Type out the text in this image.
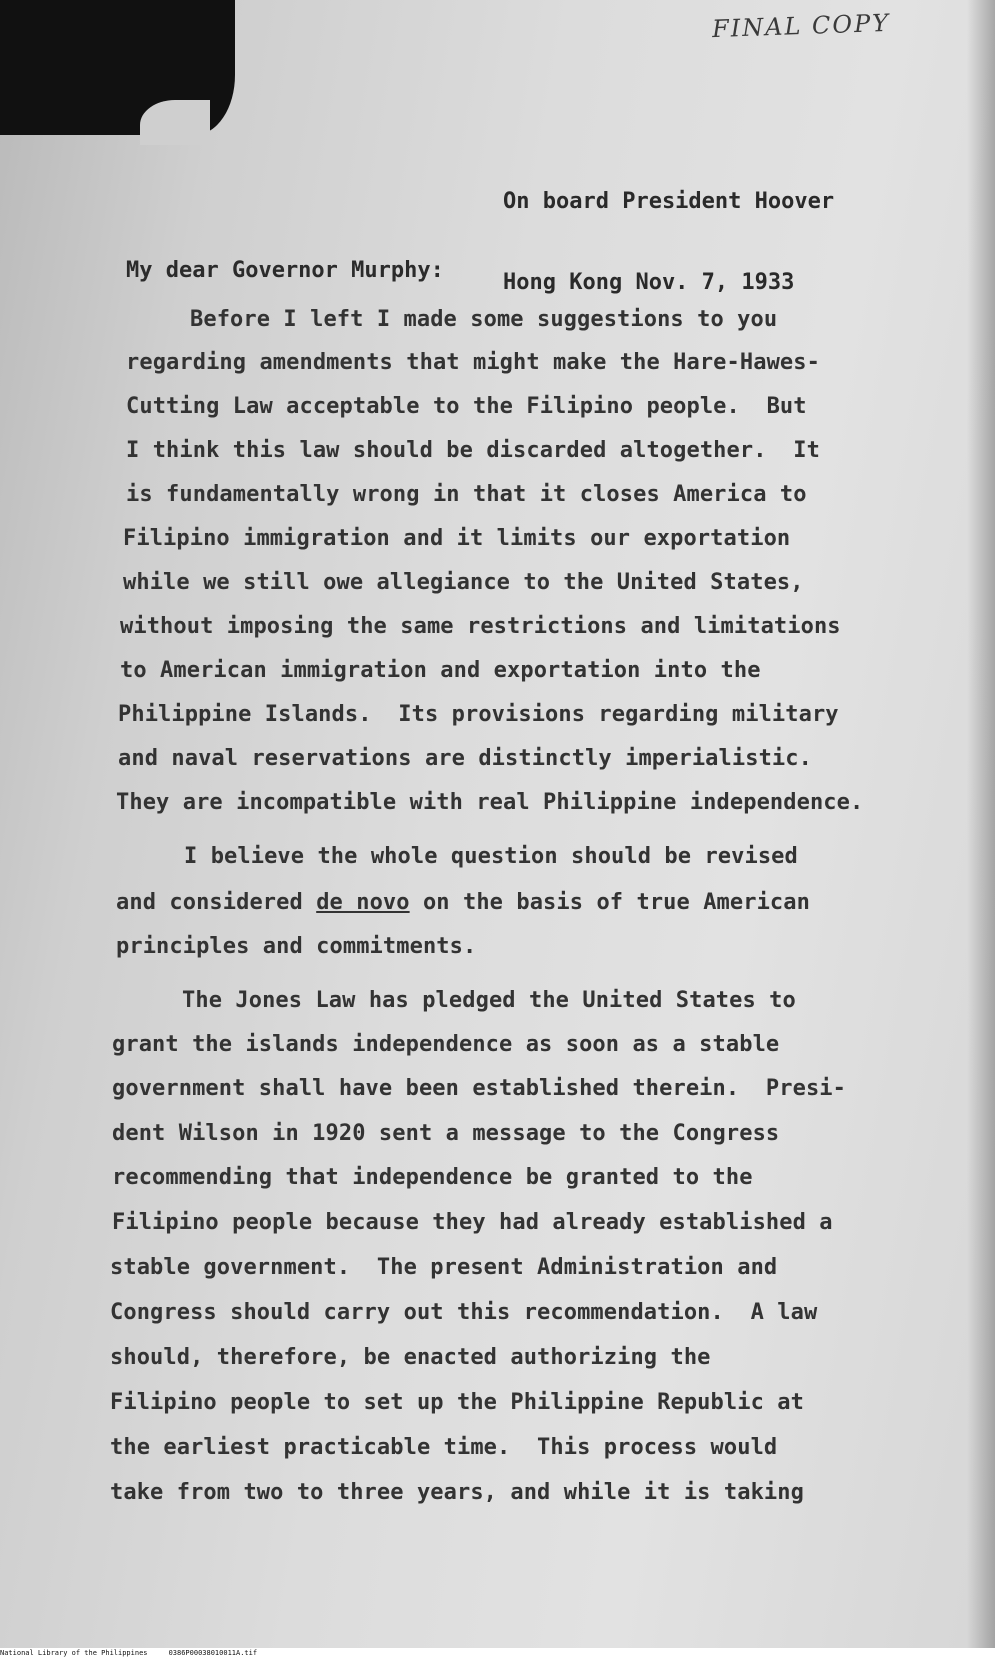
FINAL COPY

On board President Hoover

Hong Kong Nov. 7, 1933

My dear Governor Murphy:
Before I left I made some suggestions to you
regarding amendments that might make the Hare-Hawes-
Cutting Law acceptable to the Filipino people.  But
I think this law should be discarded altogether.  It
is fundamentally wrong in that it closes America to
Filipino immigration and it limits our exportation
while we still owe allegiance to the United States,
without imposing the same restrictions and limitations
to American immigration and exportation into the
Philippine Islands.  Its provisions regarding military
and naval reservations are distinctly imperialistic.
They are incompatible with real Philippine independence.
I believe the whole question should be revised
and considered de novo on the basis of true American
principles and commitments.
The Jones Law has pledged the United States to
grant the islands independence as soon as a stable
government shall have been established therein.  Presi-
dent Wilson in 1920 sent a message to the Congress
recommending that independence be granted to the
Filipino people because they had already established a
stable government.  The present Administration and
Congress should carry out this recommendation.  A law
should, therefore, be enacted authorizing the
Filipino people to set up the Philippine Republic at
the earliest practicable time.  This process would
take from two to three years, and while it is taking
National Library of the Philippines     0386P00038010011A.tif
